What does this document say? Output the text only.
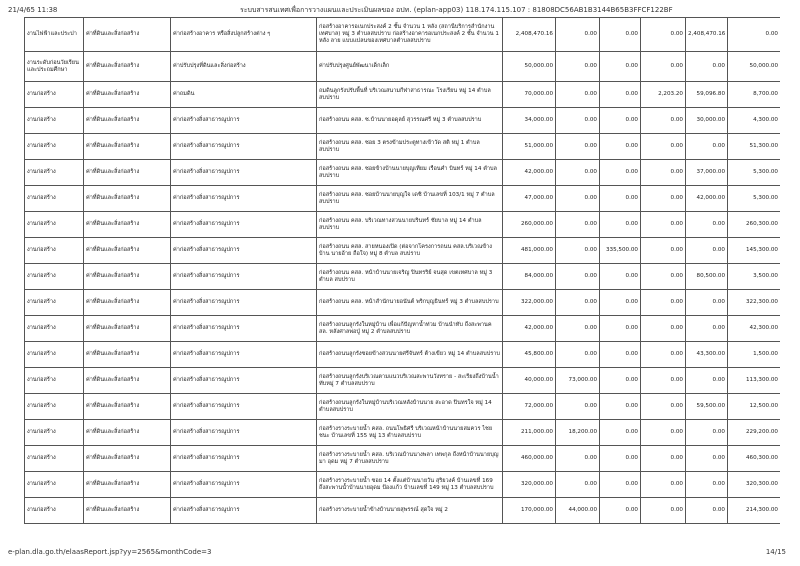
21/4/65 11:38	ระบบสารสนเทศเพื่อการวางแผนและประเมินผลของ อปท. (eplan-app03) 118.174.115.107 : 81808DC56AB1B3144B65B3FFCF122BF
งานไฟฟ้าและประปา	ค่าที่ดินและสิ่งก่อสร้าง	ค่าก่อสร้างอาคาร หรือสิ่งปลูกสร้างต่าง ๆ	ก่อสร้างอาคารอเนกประสงค์ 2 ชั้น จำนวน 1 หลัง (สถานีบริการสำนักงานเทศบาล) หมู่ 3 ตำบลสบปราบ ก่อสร้างอาคารอเนกประสงค์ 2 ชั้น จำนวน 1 หลัง ลาย แบบแปลนของเทศบาลตำบลสบปราบ	2,408,470.16	0.00	0.00	0.00	2,408,470.16	0.00
งานระดับก่อนวัยเรียนและประถมศึกษา	ค่าที่ดินและสิ่งก่อสร้าง	ค่าปรับปรุงที่ดินและสิ่งก่อสร้าง	ค่าปรับปรุงศูนย์พัฒนาเด็กเล็ก	50,000.00	0.00	0.00	0.00	0.00	50,000.00
งานก่อสร้าง	ค่าที่ดินและสิ่งก่อสร้าง	ค่าถมดิน	ถมดินลูกรังปรับพื้นที่ บริเวณสนามกีฬาสาธารณะ โรงเรียน หมู่ 14 ตำบล สบปราบ	70,000.00	0.00	0.00	2,203.20	59,096.80	8,700.00
งานก่อสร้าง	ค่าที่ดินและสิ่งก่อสร้าง	ค่าก่อสร้างสิ่งสาธารณูปการ	ก่อสร้างถนน คสล. ซ.บ้านนายอดุลย์ สุวรรณศรี หมู่ 3 ตำบลสบปราบ	34,000.00	0.00	0.00	0.00	30,000.00	4,300.00
งานก่อสร้าง	ค่าที่ดินและสิ่งก่อสร้าง	ค่าก่อสร้างสิ่งสาธารณูปการ	ก่อสร้างถนน คสล. ซอย 3 ตรงข้ามประตูทางเข้าวัด สติ หมู่ 1 ตำบลสบปราบ	51,000.00	0.00	0.00	0.00	0.00	51,300.00
งานก่อสร้าง	ค่าที่ดินและสิ่งก่อสร้าง	ค่าก่อสร้างสิ่งสาธารณูปการ	ก่อสร้างถนน คสล. ซอยข้างบ้านนายบุญเทียม เรือนคำ บินทร์ หมู่ 14 ตำบลสบปราบ	42,000.00	0.00	0.00	0.00	37,000.00	5,300.00
งานก่อสร้าง	ค่าที่ดินและสิ่งก่อสร้าง	ค่าก่อสร้างสิ่งสาธารณูปการ	ก่อสร้างถนน คสล. ซอยบ้านนายบุญใจ เดชิ บ้านเลขที่ 103/1 หมู่ 7 ตำบลสบปราบ	47,000.00	0.00	0.00	0.00	42,000.00	5,300.00
งานก่อสร้าง	ค่าที่ดินและสิ่งก่อสร้าง	ค่าก่อสร้างสิ่งสาธารณูปการ	ก่อสร้างถนน คสล. บริเวณทางสวนนายบรินทร์ ชัยบาล หมู่ 14 ตำบลสบปราบ	260,000.00	0.00	0.00	0.00	0.00	260,300.00
งานก่อสร้าง	ค่าที่ดินและสิ่งก่อสร้าง	ค่าก่อสร้างสิ่งสาธารณูปการ	ก่อสร้างถนน คสล. สายหนองเปิด (ต่อจากโครงการถนน คสล.บริเวณข้างบ้าน นายอ้าย ถือใจ) หมู่ 8 ตำบล สบปราบ	481,000.00	0.00	335,500.00	0.00	0.00	145,300.00
งานก่อสร้าง	ค่าที่ดินและสิ่งก่อสร้าง	ค่าก่อสร้างสิ่งสาธารณูปการ	ก่อสร้างถนน คสล. หน้าบ้านนายเจริญ ปินทรริย์ จนสุด เขตเทศบาล หมู่ 3 ตำบล สบปราบ	84,000.00	0.00	0.00	0.00	80,500.00	3,500.00
งานก่อสร้าง	ค่าที่ดินและสิ่งก่อสร้าง	ค่าก่อสร้างสิ่งสาธารณูปการ	ก่อสร้างถนน คสล. หน้าสำนักนายอนันต์ พริกบุญธินทร์ หมู่ 3 ตำบลสบปราบ	322,000.00	0.00	0.00	0.00	0.00	322,300.00
งานก่อสร้าง	ค่าที่ดินและสิ่งก่อสร้าง	ค่าก่อสร้างสิ่งสาธารณูปการ	ก่อสร้างถนนลูกรังในหมู่บ้าน เพื่อแก้ปัญหาน้ำท่วม บ้านนำทับ ถึงสะพานคสล. หลังศาลพ่อปู่ หมู่ 2 ตำบลสบปราบ	42,000.00	0.00	0.00	0.00	0.00	42,300.00
งานก่อสร้าง	ค่าที่ดินและสิ่งก่อสร้าง	ค่าก่อสร้างสิ่งสาธารณูปการ	ก่อสร้างถนนลูกรังซอยข้างสวนนายศรีจันทร์ ต้างเขียว หมู่ 14 ตำบลสบปราบ	45,800.00	0.00	0.00	0.00	43,300.00	1,500.00
งานก่อสร้าง	ค่าที่ดินและสิ่งก่อสร้าง	ค่าก่อสร้างสิ่งสาธารณูปการ	ก่อสร้างถนนลูกรังบริเวณตามแนวบริเวณสะพานวังทราย - สะเรียงถึงบ้านน้ำทับหมู่ 7 ตำบลสบปราบ	40,000.00	73,000.00	0.00	0.00	0.00	113,300.00
งานก่อสร้าง	ค่าที่ดินและสิ่งก่อสร้าง	ค่าก่อสร้างสิ่งสาธารณูปการ	ก่อสร้างถนนลูกรังในหมู่บ้านบริเวณหลังบ้านนาย สะอาด ปินทรใจ หมู่ 14 ตำบลสบปราบ	72,000.00	0.00	0.00	0.00	59,500.00	12,500.00
งานก่อสร้าง	ค่าที่ดินและสิ่งก่อสร้าง	ค่าก่อสร้างสิ่งสาธารณูปการ	ก่อสร้างรางระบายน้ำ คสล. ถนนโพธิศรี บริเวณหน้าบ้านนายสมควร ไชยชนะ บ้านเลขที่ 155 หมู่ 13 ตำบลสบปราบ	211,000.00	18,200.00	0.00	0.00	0.00	229,200.00
งานก่อสร้าง	ค่าที่ดินและสิ่งก่อสร้าง	ค่าก่อสร้างสิ่งสาธารณูปการ	ก่อสร้างรางระบายน้ำ คสล. บริเวณบ้านนางพลา เทพกุล ถึงหน้าบ้านนายบุญมา อุดม หมู่ 7 ตำบลสบปราบ	460,000.00	0.00	0.00	0.00	0.00	460,300.00
งานก่อสร้าง	ค่าที่ดินและสิ่งก่อสร้าง	ค่าก่อสร้างสิ่งสาธารณูปการ	ก่อสร้างรางระบายน้ำ ซอย 14 ตั้งแต่บ้านนายวัน สุริยวงค์ บ้านเลขที่ 169 ถึงสะพานน้ำบ้านนายอุดม ป้องแก้ว บ้านเลขที่ 149 หมู่ 13 ตำบลสบปราบ	320,000.00	0.00	0.00	0.00	0.00	320,300.00
งานก่อสร้าง	ค่าที่ดินและสิ่งก่อสร้าง	ค่าก่อสร้างสิ่งสาธารณูปการ	ก่อสร้างรางระบายน้ำข้างบ้านนายสุพรรณ์ สุดใจ หมู่ 2	170,000.00	44,000.00	0.00	0.00	0.00	214,300.00
e-plan.dla.go.th/elaasReport.jsp?yy=2565&monthCode=3	14/15
